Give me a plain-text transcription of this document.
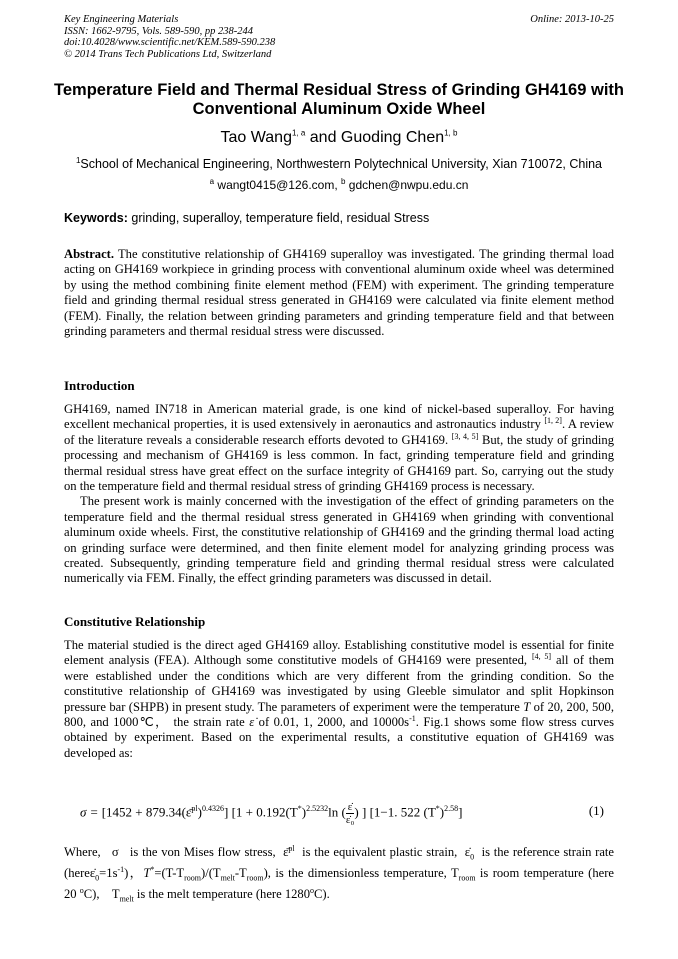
Key Engineering Materials
ISSN: 1662-9795, Vols. 589-590, pp 238-244
doi:10.4028/www.scientific.net/KEM.589-590.238
© 2014 Trans Tech Publications Ltd, Switzerland
Online: 2013-10-25
Temperature Field and Thermal Residual Stress of Grinding GH4169 with
Conventional Aluminum Oxide Wheel
Tao Wang$^{1, a}$ and Guoding Chen$^{1, b}$
$^1$School of Mechanical Engineering, Northwestern Polytechnical University, Xian 710072, China
$^a$ wangt0415@126.com, $^b$ gdchen@nwpu.edu.cn
Keywords: grinding, superalloy, temperature field, residual Stress

Abstract. The constitutive relationship of GH4169 superalloy was investigated. The grinding thermal load acting on GH4169 workpiece in grinding process with conventional aluminum oxide wheel was determined by using the method combining finite element method (FEM) with experiment. The grinding temperature field and grinding thermal residual stress generated in GH4169 were calculated via finite element method (FEM). Finally, the relation between grinding parameters and grinding temperature field and that between grinding parameters and thermal residual stress were discussed.

Introduction

GH4169, named IN718 in American material grade, is one kind of nickel-based superalloy. For having excellent mechanical properties, it is used extensively in aeronautics and astronautics industry [1, 2]. A review of the literature reveals a considerable research efforts devoted to GH4169. [3, 4, 5] But, the study of grinding processing and mechanism of GH4169 is less common. In fact, grinding temperature field and grinding thermal residual stress have great effect on the surface integrity of GH4169 part. So, carrying out the study on the temperature field and thermal residual stress of grinding GH4169 process is necessary.

The present work is mainly concerned with the investigation of the effect of grinding parameters on the temperature field and the thermal residual stress generated in GH4169 when grinding with conventional aluminum oxide wheels. First, the constitutive relationship of GH4169 and the grinding thermal load acting on grinding surface were determined, and then finite element model for analyzing grinding process was created. Subsequently, grinding temperature field and grinding thermal residual stress were calculated numerically via FEM. Finally, the effect grinding parameters was discussed in detail.

Constitutive Relationship

The material studied is the direct aged GH4169 alloy. Establishing constitutive model is essential for finite element analysis (FEA). Although some constitutive models of GH4169 were presented, [4, 5] all of them were established under the conditions which are very different from the grinding condition. So the constitutive relationship of GH4169 was investigated by using Gleeble simulator and split Hopkinson pressure bar (SHPB) in present study. The parameters of experiment were the temperature T of 20, 200, 500, 800, and 1000℃， the strain rate ε̇ of 0.01, 1, 2000, and $10000s^{-1}$. Fig.1 shows some flow stress curves obtained by experiment. Based on the experimental results, a constitutive equation of GH4169 was developed as:

σ = [1452 + 879.34(ε̄$^{pl}$)$^{0.4326}$] [$1 + 0.192(T^*)^{2.5232}\ln$ ( $\frac{\varepsiloṅ}{\text{ε̇₀}}$ ) ] [1−1. 522 $(T^*)^{2.58}$]	(1)

Where,   σ   is the von Mises flow stress,  ε̄$^{pl}$  is the equivalent plastic strain,  $\varepsiloṅ_0$  is the reference strain rate $(here\varepsiloṅ_0=1s^{-1})$，$T^*=(T-T_{room})/(T_{melt}-T_{room})$, is the dimensionless temperature, $T_{room}$ is room temperature (here 20 $^o$C),    $T_{melt}$ is the melt temperature (here 1280$^o$C).
